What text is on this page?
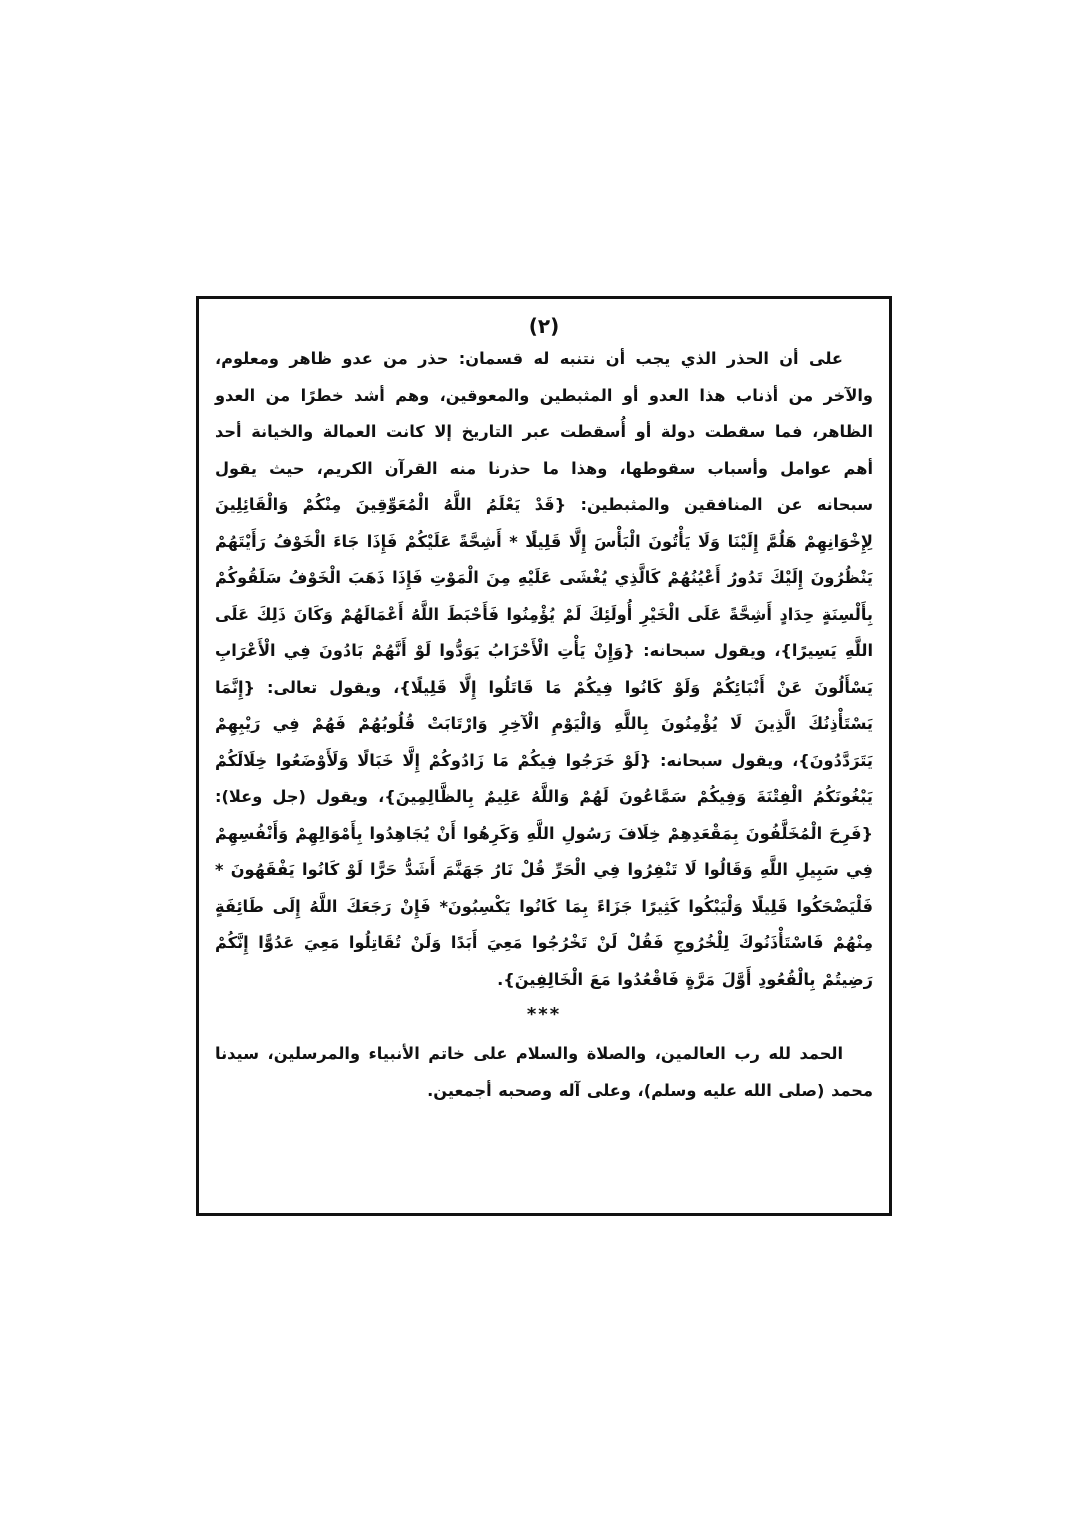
(٢)

على أن الحذر الذي يجب أن نتنبه له قسمان: حذر من عدو ظاهر ومعلوم، والآخر من أذناب هذا العدو أو المثبطين والمعوقين، وهم أشد خطرًا من العدو الظاهر، فما سقطت دولة أو أُسقطت عبر التاريخ إلا كانت العمالة والخيانة أحد أهم عوامل وأسباب سقوطها، وهذا ما حذرنا منه القرآن الكريم، حيث يقول سبحانه عن المنافقين والمثبطين: {قَدْ يَعْلَمُ اللَّهُ الْمُعَوِّقِينَ مِنْكُمْ وَالْقَائِلِينَ لِإِخْوَانِهِمْ هَلُمَّ إِلَيْنَا وَلَا يَأْتُونَ الْبَأْسَ إِلَّا قَلِيلًا * أَشِحَّةً عَلَيْكُمْ فَإِذَا جَاءَ الْخَوْفُ رَأَيْتَهُمْ يَنْظُرُونَ إِلَيْكَ تَدُورُ أَعْيُنُهُمْ كَالَّذِي يُغْشَى عَلَيْهِ مِنَ الْمَوْتِ فَإِذَا ذَهَبَ الْخَوْفُ سَلَقُوكُمْ بِأَلْسِنَةٍ حِدَادٍ أَشِحَّةً عَلَى الْخَيْرِ أُولَئِكَ لَمْ يُؤْمِنُوا فَأَحْبَطَ اللَّهُ أَعْمَالَهُمْ وَكَانَ ذَلِكَ عَلَى اللَّهِ يَسِيرًا}، ويقول سبحانه: {وَإِنْ يَأْتِ الْأَحْزَابُ يَوَدُّوا لَوْ أَنَّهُمْ بَادُونَ فِي الْأَعْرَابِ يَسْأَلُونَ عَنْ أَنْبَائِكُمْ وَلَوْ كَانُوا فِيكُمْ مَا قَاتَلُوا إِلَّا قَلِيلًا}، ويقول تعالى: {إِنَّمَا يَسْتَأْذِنُكَ الَّذِينَ لَا يُؤْمِنُونَ بِاللَّهِ وَالْيَوْمِ الْآخِرِ وَارْتَابَتْ قُلُوبُهُمْ فَهُمْ فِي رَيْبِهِمْ يَتَرَدَّدُونَ}، ويقول سبحانه: {لَوْ خَرَجُوا فِيكُمْ مَا زَادُوكُمْ إِلَّا خَبَالًا وَلَأَوْضَعُوا خِلَالَكُمْ يَبْغُونَكُمُ الْفِتْنَةَ وَفِيكُمْ سَمَّاعُونَ لَهُمْ وَاللَّهُ عَلِيمٌ بِالظَّالِمِينَ}، ويقول (جل وعلا): {فَرِحَ الْمُخَلَّفُونَ بِمَقْعَدِهِمْ خِلَافَ رَسُولِ اللَّهِ وَكَرِهُوا أَنْ يُجَاهِدُوا بِأَمْوَالِهِمْ وَأَنْفُسِهِمْ فِي سَبِيلِ اللَّهِ وَقَالُوا لَا تَنْفِرُوا فِي الْحَرِّ قُلْ نَارُ جَهَنَّمَ أَشَدُّ حَرًّا لَوْ كَانُوا يَفْقَهُونَ * فَلْيَضْحَكُوا قَلِيلًا وَلْيَبْكُوا كَثِيرًا جَزَاءً بِمَا كَانُوا يَكْسِبُونَ* فَإِنْ رَجَعَكَ اللَّهُ إِلَى طَائِفَةٍ مِنْهُمْ فَاسْتَأْذَنُوكَ لِلْخُرُوجِ فَقُلْ لَنْ تَخْرُجُوا مَعِيَ أَبَدًا وَلَنْ تُقَاتِلُوا مَعِيَ عَدُوًّا إِنَّكُمْ رَضِيتُمْ بِالْقُعُودِ أَوَّلَ مَرَّةٍ فَاقْعُدُوا مَعَ الْخَالِفِينَ}.

***

الحمد لله رب العالمين، والصلاة والسلام على خاتم الأنبياء والمرسلين، سيدنا محمد (صلى الله عليه وسلم)، وعلى آله وصحبه أجمعين.
